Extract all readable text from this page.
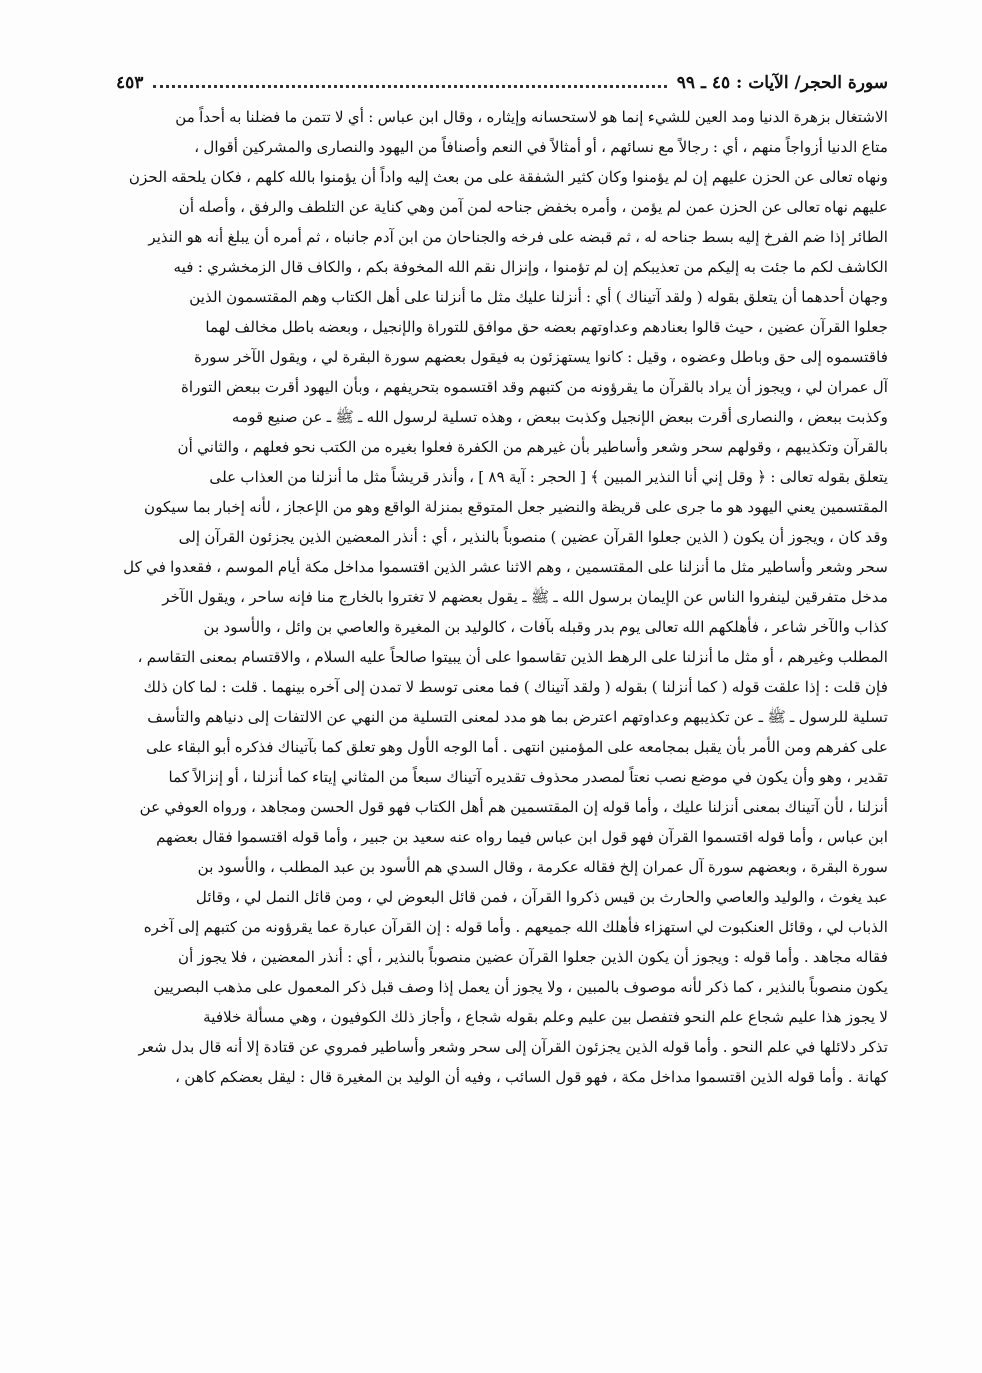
سورة الحجر/ الآيات : ٤٥ ـ ٩٩
٤٥٣
الاشتغال بزهرة الدنيا ومد العين للشيء إنما هو لاستحسانه وإيثاره ، وقال ابن عباس : أي لا تتمن ما فضلنا به أحداً من
متاع الدنيا أزواجاً منهم ، أي : رجالاً مع نسائهم ، أو أمثالاً في النعم وأصنافاً من اليهود والنصارى والمشركين أقوال ،
ونهاه تعالى عن الحزن عليهم إن لم يؤمنوا وكان كثير الشفقة على من بعث إليه واداً أن يؤمنوا بالله كلهم ، فكان يلحقه الحزن
عليهم نهاه تعالى عن الحزن عمن لم يؤمن ، وأمره بخفض جناحه لمن آمن وهي كناية عن التلطف والرفق ، وأصله أن
الطائر إذا ضم الفرخ إليه بسط جناحه له ، ثم قبضه على فرخه والجناحان من ابن آدم جانباه ، ثم أمره أن يبلغ أنه هو النذير
الكاشف لكم ما جئت به إليكم من تعذيبكم إن لم تؤمنوا ، وإنزال نقم الله المخوفة بكم ، والكاف قال الزمخشري : فيه
وجهان أحدهما أن يتعلق بقوله ( ولقد آتيناك ) أي : أنزلنا عليك مثل ما أنزلنا على أهل الكتاب وهم المقتسمون الذين
جعلوا القرآن عضين ، حيث قالوا بعنادهم وعداوتهم بعضه حق موافق للتوراة والإنجيل ، وبعضه باطل مخالف لهما
فاقتسموه إلى حق وباطل وعضوه ، وقيل : كانوا يستهزئون به فيقول بعضهم سورة البقرة لي ، ويقول الآخر سورة
آل عمران لي ، ويجوز أن يراد بالقرآن ما يقرؤونه من كتبهم وقد اقتسموه بتحريفهم ، وبأن اليهود أقرت ببعض التوراة
وكذبت ببعض ، والنصارى أقرت ببعض الإنجيل وكذبت ببعض ، وهذه تسلية لرسول الله ـ ﷺ ـ عن صنيع قومه
بالقرآن وتكذيبهم ، وقولهم سحر وشعر وأساطير بأن غيرهم من الكفرة فعلوا بغيره من الكتب نحو فعلهم ، والثاني أن
يتعلق بقوله تعالى : ﴿ وقل إني أنا النذير المبين ﴾ [ الحجر : آية ٨٩ ] ، وأنذر قريشاً مثل ما أنزلنا من العذاب على
المقتسمين يعني اليهود هو ما جرى على قريظة والنضير جعل المتوقع بمنزلة الواقع وهو من الإعجاز ، لأنه إخبار بما سيكون
وقد كان ، ويجوز أن يكون ( الذين جعلوا القرآن عضين ) منصوباً بالنذير ، أي : أنذر المعضين الذين يجزئون القرآن إلى
سحر وشعر وأساطير مثل ما أنزلنا على المقتسمين ، وهم الاثنا عشر الذين اقتسموا مداخل مكة أيام الموسم ، فقعدوا في كل
مدخل متفرقين لينفروا الناس عن الإيمان برسول الله ـ ﷺ ـ يقول بعضهم لا تغتروا بالخارج منا فإنه ساحر ، ويقول الآخر
كذاب والآخر شاعر ، فأهلكهم الله تعالى يوم بدر وقبله بآفات ، كالوليد بن المغيرة والعاصي بن وائل ، والأسود بن
المطلب وغيرهم ، أو مثل ما أنزلنا على الرهط الذين تقاسموا على أن يبيتوا صالحاً عليه السلام ، والاقتسام بمعنى التقاسم ،
فإن قلت : إذا علقت قوله ( كما أنزلنا ) بقوله ( ولقد آتيناك ) فما معنى توسط لا تمدن إلى آخره بينهما . قلت : لما كان ذلك
تسلية للرسول ـ ﷺ ـ عن تكذيبهم وعداوتهم اعترض بما هو مدد لمعنى التسلية من النهي عن الالتفات إلى دنياهم والتأسف
على كفرهم ومن الأمر بأن يقبل بمجامعه على المؤمنين انتهى . أما الوجه الأول وهو تعلق كما بآتيناك فذكره أبو البقاء على
تقدير ، وهو وأن يكون في موضع نصب نعتاً لمصدر محذوف تقديره آتيناك سبعاً من المثاني إيتاء كما أنزلنا ، أو إنزالاً كما
أنزلنا ، لأن آتيناك بمعنى أنزلنا عليك ، وأما قوله إن المقتسمين هم أهل الكتاب فهو قول الحسن ومجاهد ، ورواه العوفي عن
ابن عباس ، وأما قوله اقتسموا القرآن فهو قول ابن عباس فيما رواه عنه سعيد بن جبير ، وأما قوله اقتسموا فقال بعضهم
سورة البقرة ، وبعضهم سورة آل عمران إلخ فقاله عكرمة ، وقال السدي هم الأسود بن عبد المطلب ، والأسود بن
عبد يغوث ، والوليد والعاصي والحارث بن قيس ذكروا القرآن ، فمن قائل البعوض لي ، ومن قائل النمل لي ، وقائل
الذباب لي ، وقائل العنكبوت لي استهزاء فأهلك الله جميعهم . وأما قوله : إن القرآن عبارة عما يقرؤونه من كتبهم إلى آخره
فقاله مجاهد . وأما قوله : ويجوز أن يكون الذين جعلوا القرآن عضين منصوباً بالنذير ، أي : أنذر المعضين ، فلا يجوز أن
يكون منصوباً بالنذير ، كما ذكر لأنه موصوف بالمبين ، ولا يجوز أن يعمل إذا وصف قبل ذكر المعمول على مذهب البصريين
لا يجوز هذا عليم شجاع علم النحو فتفصل بين عليم وعلم بقوله شجاع ، وأجاز ذلك الكوفيون ، وهي مسألة خلافية
تذكر دلائلها في علم النحو . وأما قوله الذين يجزئون القرآن إلى سحر وشعر وأساطير فمروي عن قتادة إلا أنه قال بدل شعر
كهانة . وأما قوله الذين اقتسموا مداخل مكة ، فهو قول السائب ، وفيه أن الوليد بن المغيرة قال : ليقل بعضكم كاهن ،
